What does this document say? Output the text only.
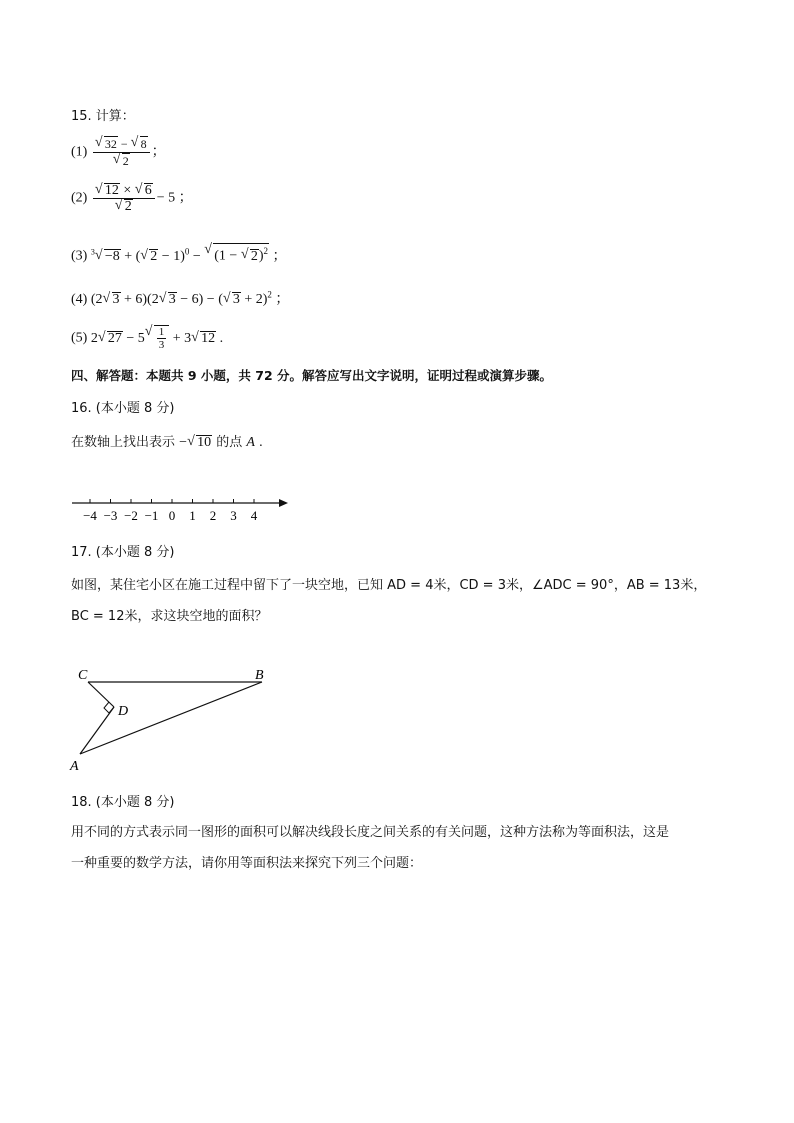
15. 计算：
(1)
√ 32 − √ 8
√ 2 ；
(2)
√ 12 × √ 6
√ 2 − 5 ；
(3) $^3$√ −8 + (√ 2 − 1)$^0$ − √ (1 − √ 2)$^2$ ；
(4) (2√ 3 + 6)(2√ 3 − 6) − (√ 3 + 2)$^2$ ；
(5) 2√ 27 − 5
√ $\frac{1}{3} + 3√$ 12 .
四、解答题：本题共 9 小题，共 72 分。解答应写出文字说明，证明过程或演算步骤。
16. (本小题 8 分)
在数轴上找出表示 −√ 10 的点 A .
−4 −3 −2 −1 0 1 2 3 4
17. (本小题 8 分)
如图，某住宅小区在施工过程中留下了一块空地，已知 AD = 4米，CD = 3米，∠ADC = 90°，AB = 13米，
BC = 12米，求这块空地的面积？
C	B
D
A
18. (本小题 8 分)
用不同的方式表示同一图形的面积可以解决线段长度之间关系的有关问题，这种方法称为等面积法，这是
一种重要的数学方法，请你用等面积法来探究下列三个问题：
